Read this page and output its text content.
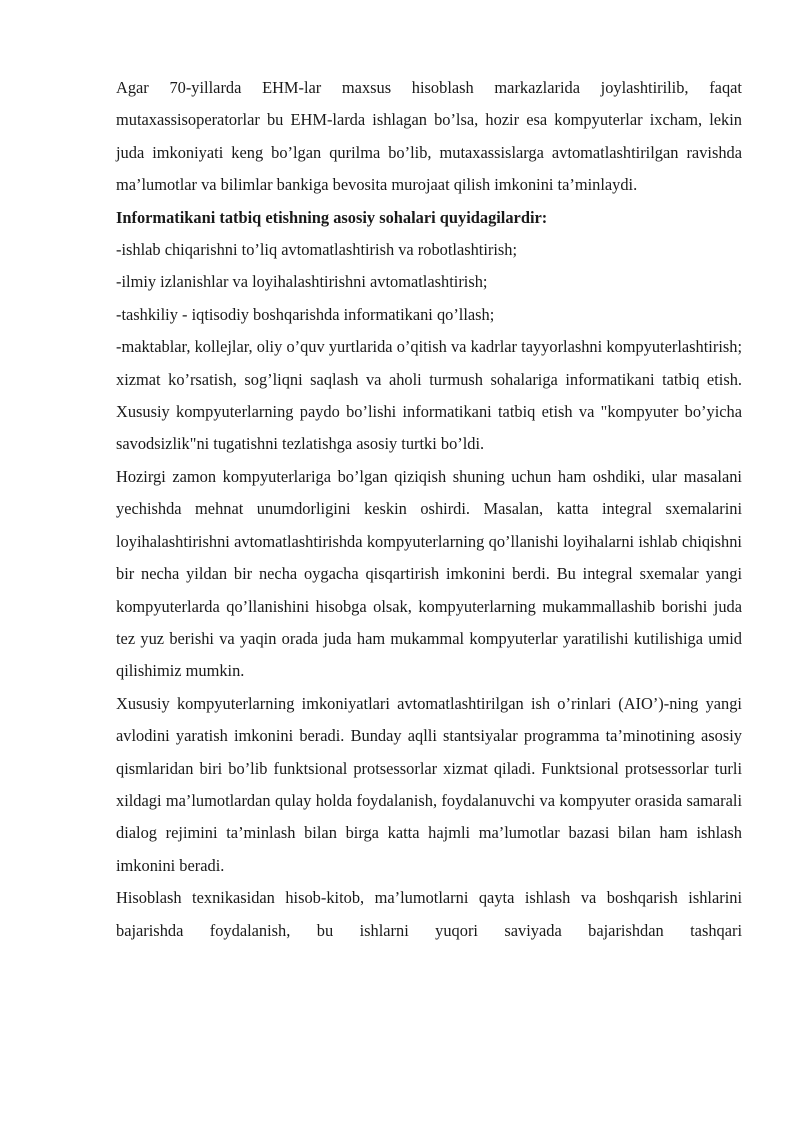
Agar 70-yillarda EHM-lar maxsus hisoblash markazlarida joylashtirilib, faqat mutaxassisoperatorlar bu EHM-larda ishlagan bo’lsa, hozir esa kompyuterlar ixcham, lekin juda imkoniyati keng bo’lgan qurilma bo’lib, mutaxassislarga avtomatlashtirilgan ravishda ma’lumotlar va bilimlar bankiga bevosita murojaat qilish imkonini ta’minlaydi.

Informatikani tatbiq etishning asosiy sohalari quyidagilardir:

-ishlab chiqarishni to’liq avtomatlashtirish va robotlashtirish;

-ilmiy izlanishlar va loyihalashtirishni avtomatlashtirish;

-tashkiliy - iqtisodiy boshqarishda informatikani qo’llash;

-maktablar, kollejlar, oliy o’quv yurtlarida o’qitish va kadrlar tayyorlashni kompyuterlashtirish; xizmat ko’rsatish, sog’liqni saqlash va aholi turmush sohalariga informatikani tatbiq etish. Xususiy kompyuterlarning paydo bo’lishi informatikani tatbiq etish va "kompyuter bo’yicha savodsizlik"ni tugatishni tezlatishga asosiy turtki bo’ldi.

Hozirgi zamon kompyuterlariga bo’lgan qiziqish shuning uchun ham oshdiki, ular masalani yechishda mehnat unumdorligini keskin oshirdi. Masalan, katta integral sxemalarini loyihalashtirishni avtomatlashtirishda kompyuterlarning qo’llanishi loyihalarni ishlab chiqishni bir necha yildan bir necha oygacha qisqartirish imkonini berdi. Bu integral sxemalar yangi kompyuterlarda qo’llanishini hisobga olsak, kompyuterlarning mukammallashib borishi juda tez yuz berishi va yaqin orada juda ham mukammal kompyuterlar yaratilishi kutilishiga umid qilishimiz mumkin.

Xususiy kompyuterlarning imkoniyatlari avtomatlashtirilgan ish o’rinlari (AIO’)-ning yangi avlodini yaratish imkonini beradi. Bunday aqlli stantsiyalar programma ta’minotining asosiy qismlaridan biri bo’lib funktsional protsessorlar xizmat qiladi. Funktsional protsessorlar turli xildagi ma’lumotlardan qulay holda foydalanish, foydalanuvchi va kompyuter orasida samarali dialog rejimini ta’minlash bilan birga katta hajmli ma’lumotlar bazasi bilan ham ishlash imkonini beradi.

Hisoblash texnikasidan hisob-kitob, ma’lumotlarni qayta ishlash va boshqarish ishlarini bajarishda foydalanish, bu ishlarni yuqori saviyada bajarishdan tashqari
